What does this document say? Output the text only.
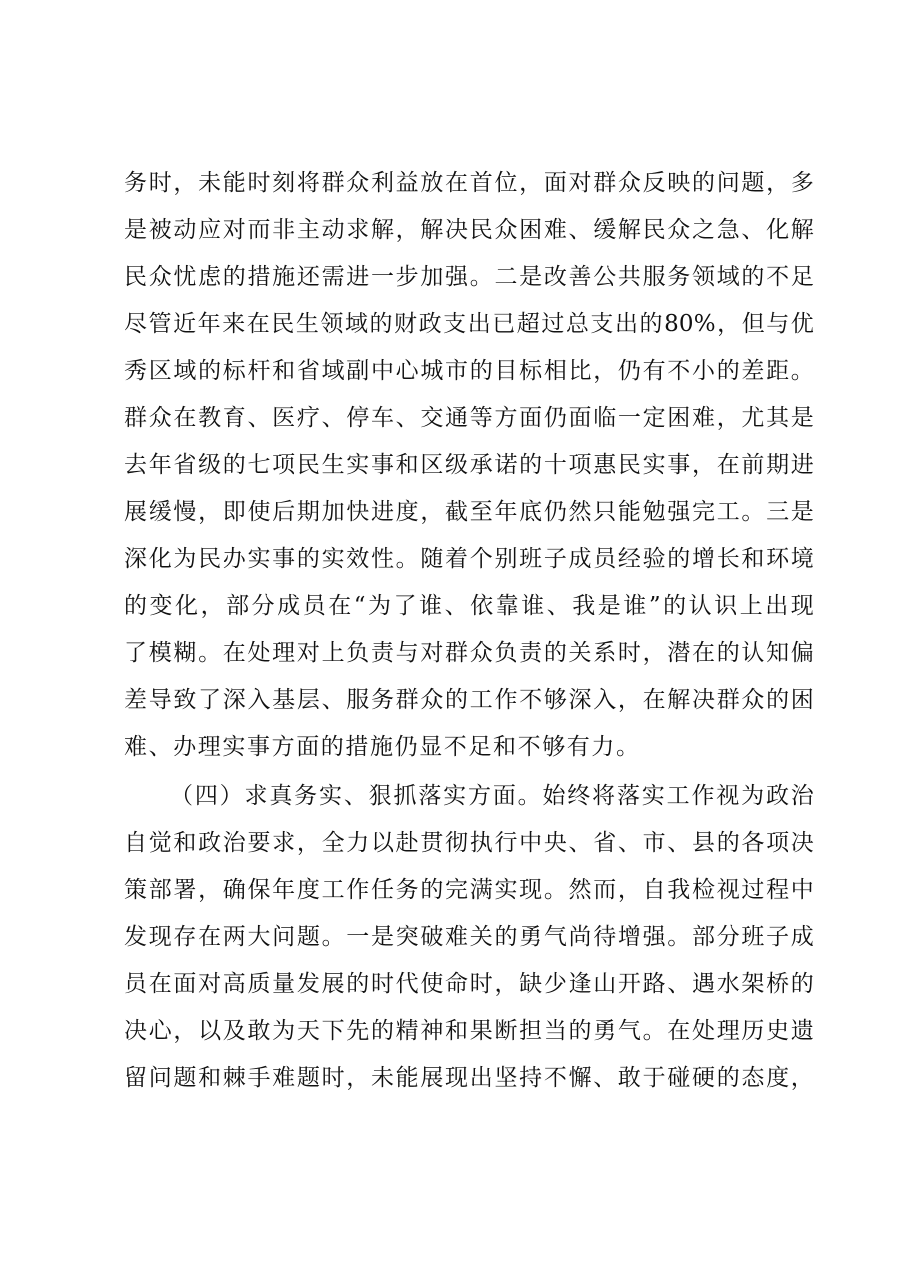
务时，未能时刻将群众利益放在首位，面对群众反映的问题，多
是被动应对而非主动求解，解决民众困难、缓解民众之急、化解
民众忧虑的措施还需进一步加强。二是改善公共服务领域的不足
尽管近年来在民生领域的财政支出已超过总支出的80%，但与优
秀区域的标杆和省域副中心城市的目标相比，仍有不小的差距。
群众在教育、医疗、停车、交通等方面仍面临一定困难，尤其是
去年省级的七项民生实事和区级承诺的十项惠民实事，在前期进
展缓慢，即使后期加快进度，截至年底仍然只能勉强完工。三是
深化为民办实事的实效性。随着个别班子成员经验的增长和环境
的变化，部分成员在“为了谁、依靠谁、我是谁”的认识上出现
了模糊。在处理对上负责与对群众负责的关系时，潜在的认知偏
差导致了深入基层、服务群众的工作不够深入，在解决群众的困
难、办理实事方面的措施仍显不足和不够有力。
（四）求真务实、狠抓落实方面。始终将落实工作视为政治
自觉和政治要求，全力以赴贯彻执行中央、省、市、县的各项决
策部署，确保年度工作任务的完满实现。然而，自我检视过程中
发现存在两大问题。一是突破难关的勇气尚待增强。部分班子成
员在面对高质量发展的时代使命时，缺少逢山开路、遇水架桥的
决心，以及敢为天下先的精神和果断担当的勇气。在处理历史遗
留问题和棘手难题时，未能展现出坚持不懈、敢于碰硬的态度，
